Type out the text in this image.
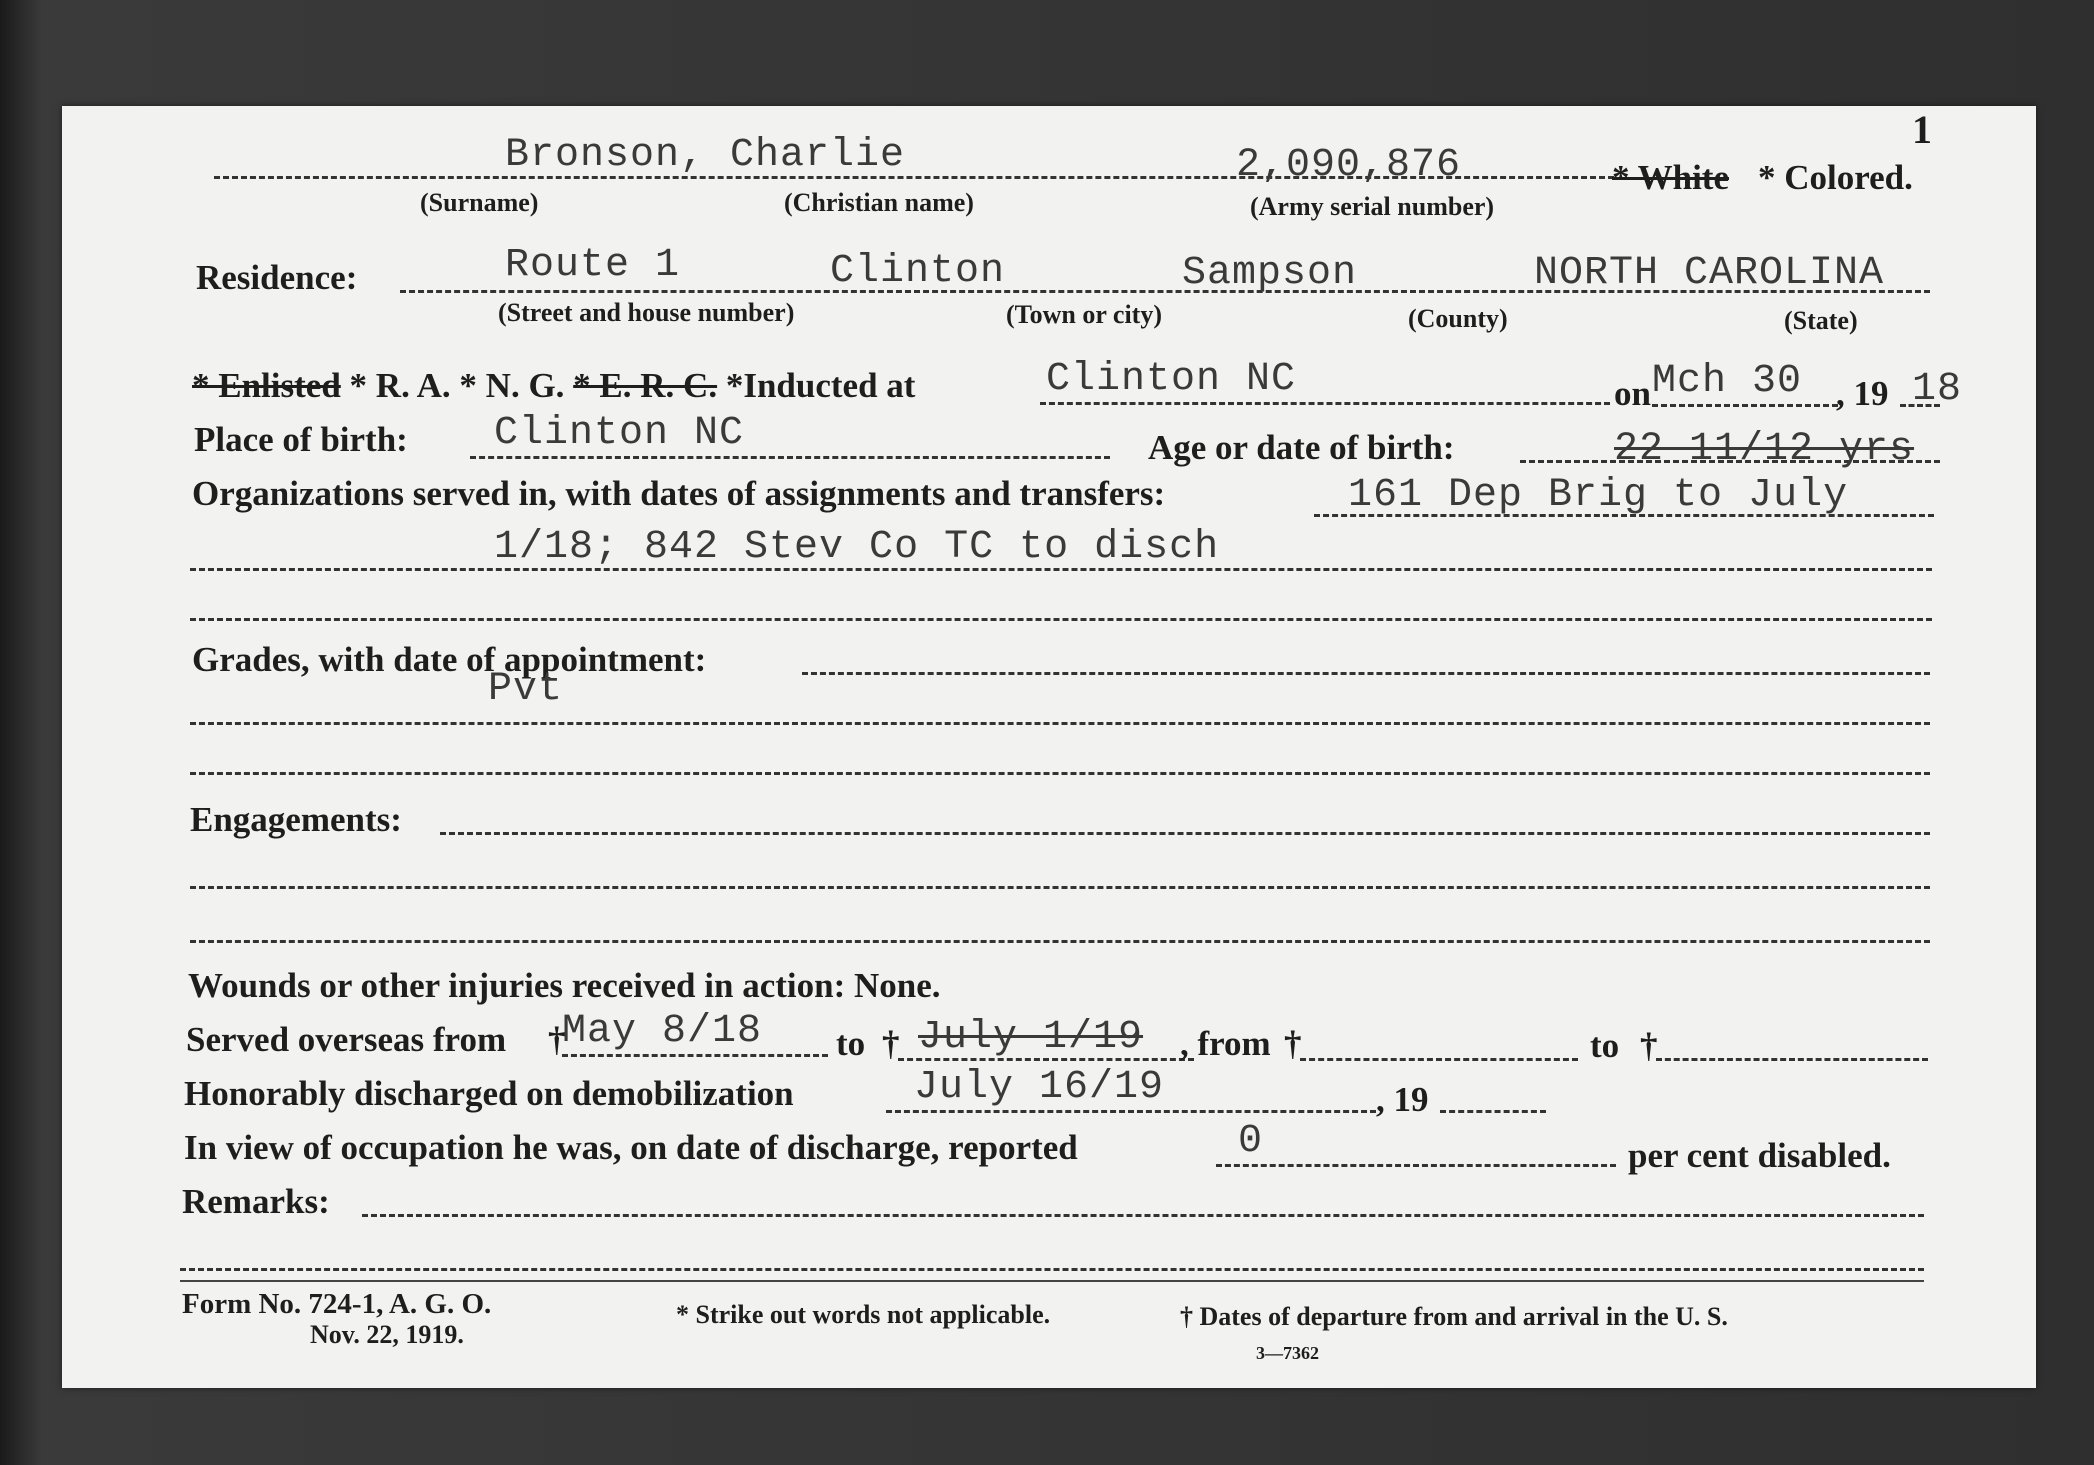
1
Bronson, Charlie	2,090,876	* White * Colored.
(Surname)	(Christian name)	(Army serial number)
Residence:	Route 1	Clinton	Sampson	NORTH CAROLINA
(Street and house number)	(Town or city)	(County)	(State)
* Enlisted * R. A. * N. G. * E. R. C. *Inducted at	Clinton NC	on Mch 30 , 19 18
Place of birth: Clinton NC	Age or date of birth:	22 11/12 yrs
Organizations served in, with dates of assignments and transfers:	161 Dep Brig to July
1/18; 842 Stev Co TC to disch
Grades, with date of appointment:
Pvt
Engagements:
Wounds or other injuries received in action: None.
Served overseas from †
May 8/18 to † July 1/19 , from †	to †
Honorably discharged on demobilization	July 16/19	, 19
In view of occupation he was, on date of discharge, reported	0	per cent disabled.
Remarks:
Form No. 724-1, A. G. O.
Nov. 22, 1919.
* Strike out words not applicable.	† Dates of departure from and arrival in the U. S.
3—7362
